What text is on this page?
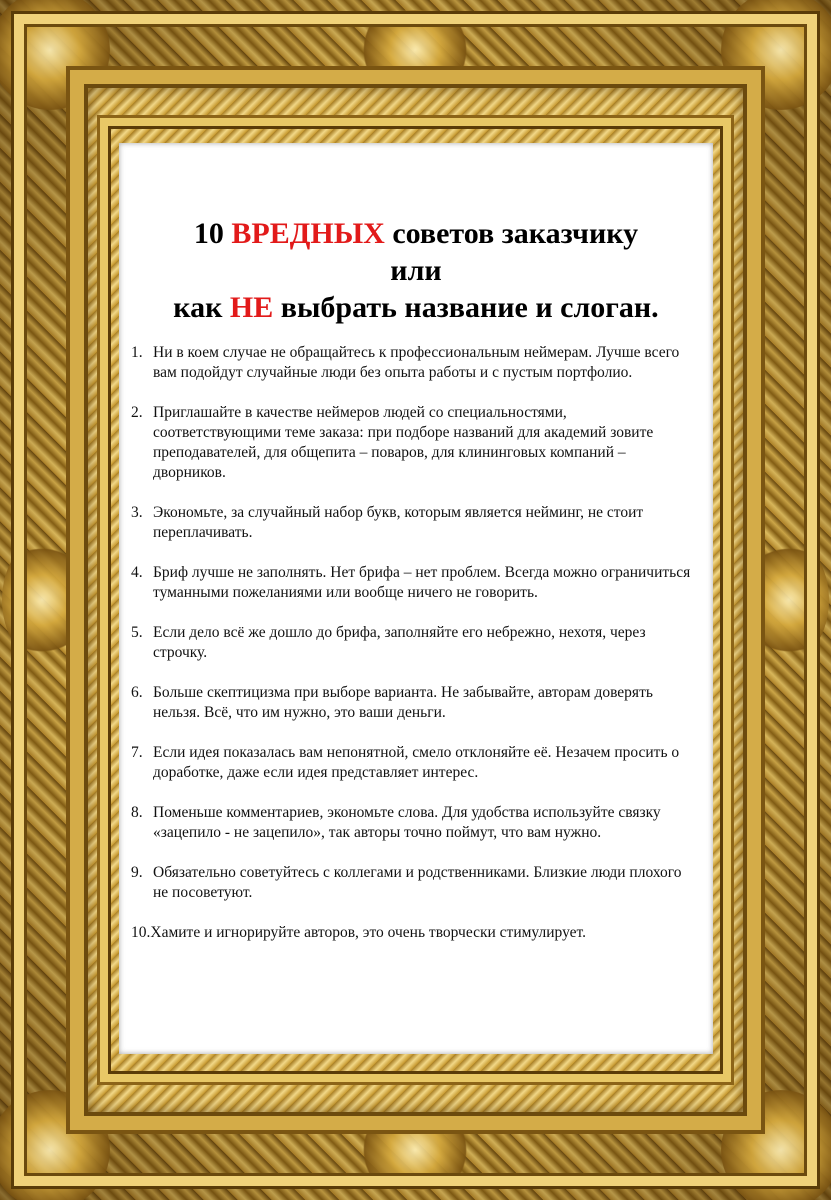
10 ВРЕДНЫХ советов заказчику
или
как НЕ выбрать название и слоган.
1. Ни в коем случае не обращайтесь к профессиональным неймерам. Лучше всего вам подойдут случайные люди без опыта работы и с пустым портфолио.
2. Приглашайте в качестве неймеров людей со специальностями, соответствующими теме заказа: при подборе названий для академий зовите преподавателей, для общепита – поваров, для клининговых компаний – дворников.
3. Экономьте, за случайный набор букв, которым является нейминг, не стоит переплачивать.
4. Бриф лучше не заполнять. Нет брифа – нет проблем. Всегда можно ограничиться туманными пожеланиями или вообще ничего не говорить.
5. Если дело всё же дошло до брифа, заполняйте его небрежно, нехотя, через строчку.
6. Больше скептицизма при выборе варианта. Не забывайте, авторам доверять нельзя. Всё, что им нужно, это ваши деньги.
7. Если идея показалась вам непонятной, смело отклоняйте её. Незачем просить о доработке, даже если идея представляет интерес.
8. Поменьше комментариев, экономьте слова. Для удобства используйте связку «зацепило - не зацепило», так авторы точно поймут, что вам нужно.
9. Обязательно советуйтесь с коллегами и родственниками. Близкие люди плохого не посоветуют.
10.Хамите и игнорируйте авторов, это очень творчески стимулирует.
